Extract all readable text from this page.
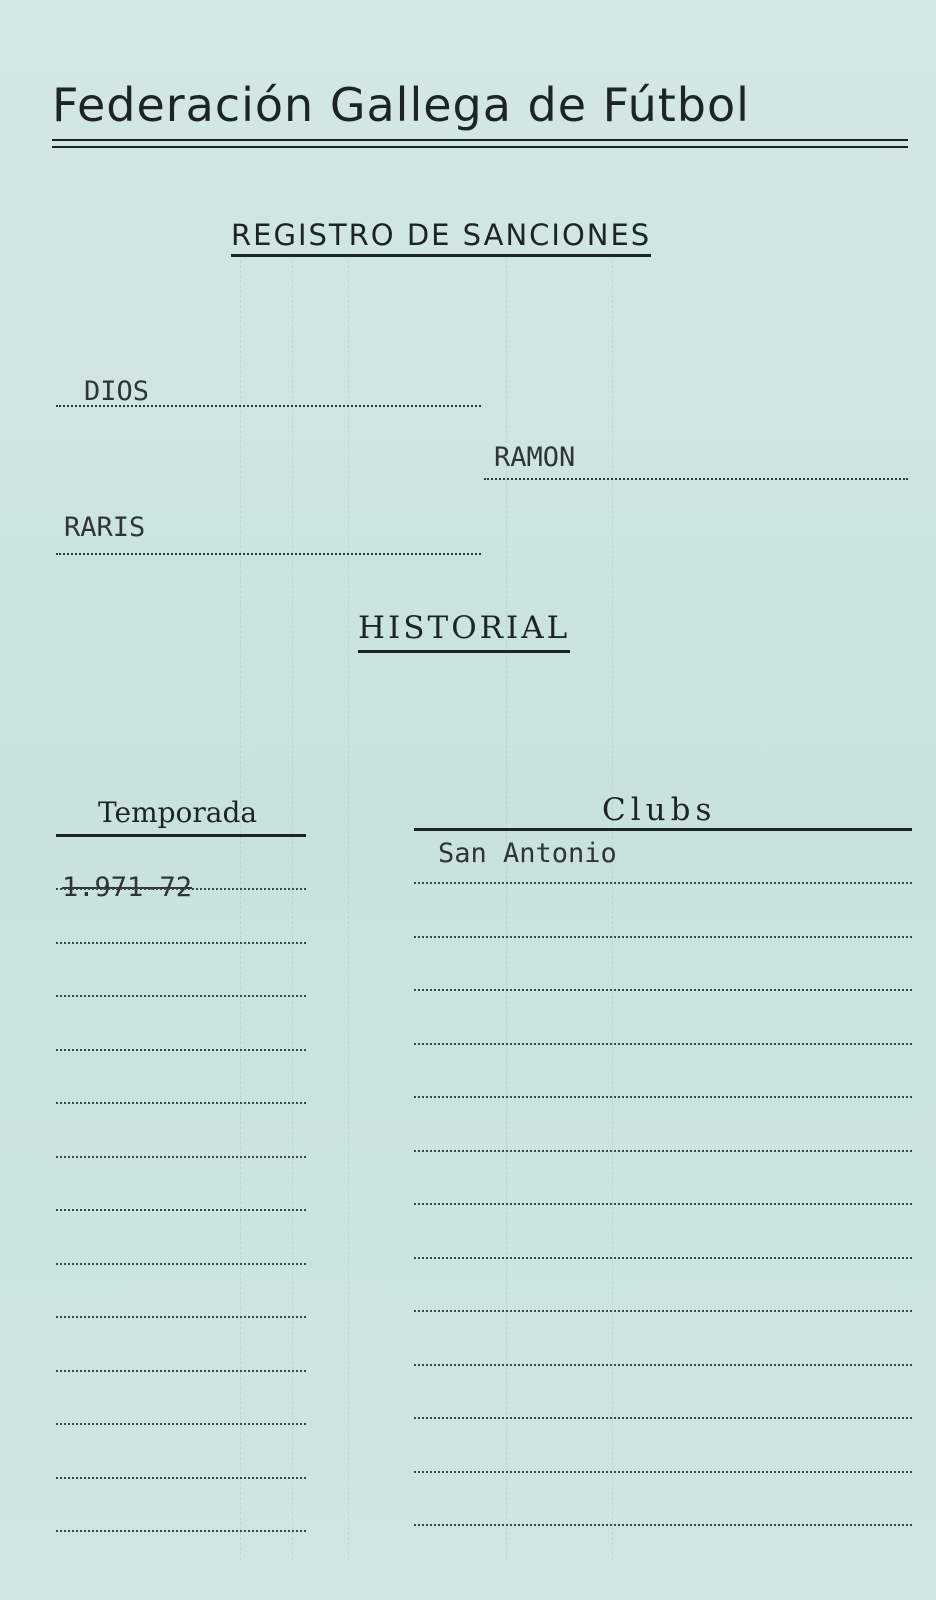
Federación Gallega de Fútbol
REGISTRO DE SANCIONES
DIOS
RAMON
RARIS
HISTORIAL
Temporada	Clubs
1.971-72
San Antonio
